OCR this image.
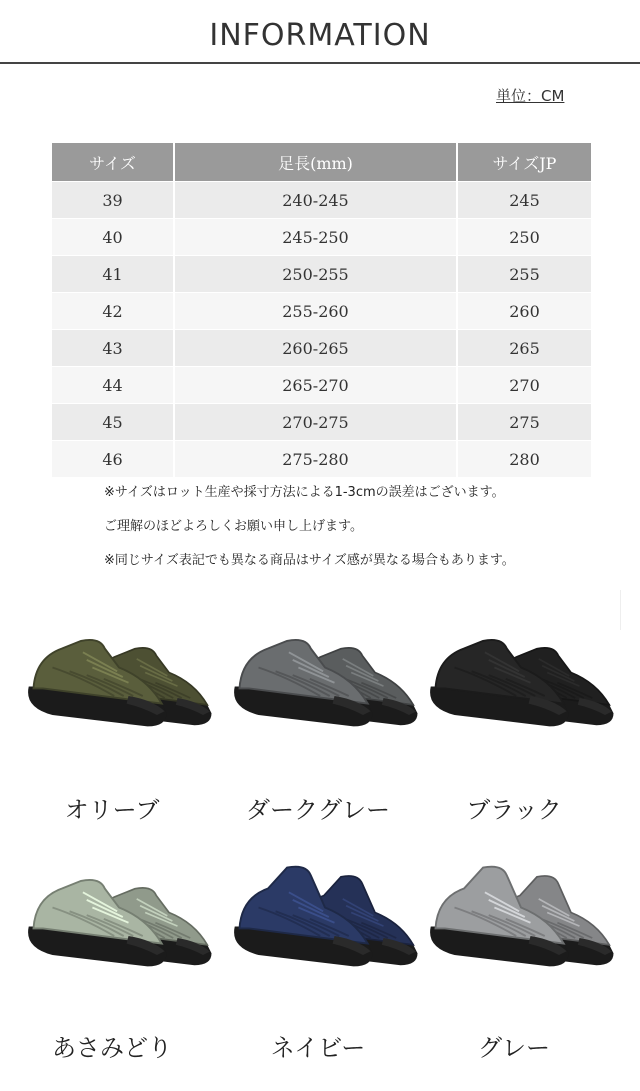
INFORMATION
単位：CM
サイズ	足長(mm)	サイズJP
39	240-245	245
40	245-250	250
41	250-255	255
42	255-260	260
43	260-265	265
44	265-270	270
45	270-275	275
46	275-280	280
※サイズはロット生産や採寸方法による1-3cmの誤差はございます。
ご理解のほどよろしくお願い申し上げます。
※同じサイズ表記でも異なる商品はサイズ感が異なる場合もあります。
オリーブ	ダークグレー	ブラック
あさみどり	ネイビー	グレー
